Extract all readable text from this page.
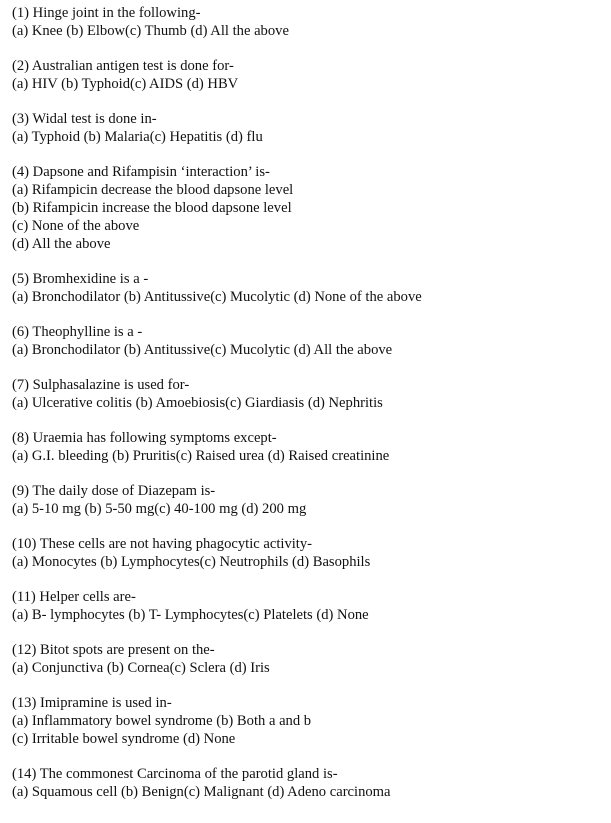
(1) Hinge joint in the following-

(a) Knee (b) Elbow(c) Thumb (d) All the above

(2) Australian antigen test is done for-

(a) HIV (b) Typhoid(c) AIDS (d) HBV

(3) Widal test is done in-

(a) Typhoid (b) Malaria(c) Hepatitis (d) flu

(4) Dapsone and Rifampisin ‘interaction’ is-

(a) Rifampicin decrease the blood dapsone level

(b) Rifampicin increase the blood dapsone level

(c) None of the above

(d) All the above

(5) Bromhexidine is a -

(a) Bronchodilator (b) Antitussive(c) Mucolytic (d) None of the above

(6) Theophylline is a -

(a) Bronchodilator (b) Antitussive(c) Mucolytic (d) All the above

(7) Sulphasalazine is used for-

(a) Ulcerative colitis (b) Amoebiosis(c) Giardiasis (d) Nephritis

(8) Uraemia has following symptoms except-

(a) G.I. bleeding (b) Pruritis(c) Raised urea (d) Raised creatinine

(9) The daily dose of Diazepam is-

(a) 5-10 mg (b) 5-50 mg(c) 40-100 mg (d) 200 mg

(10) These cells are not having phagocytic activity-

(a) Monocytes (b) Lymphocytes(c) Neutrophils (d) Basophils

(11) Helper cells are-

(a) B- lymphocytes (b) T- Lymphocytes(c) Platelets (d) None

(12) Bitot spots are present on the-

(a) Conjunctiva (b) Cornea(c) Sclera (d) Iris

(13) Imipramine is used in-

(a) Inflammatory bowel syndrome (b) Both a and b

(c) Irritable bowel syndrome (d) None

(14) The commonest Carcinoma of the parotid gland is-

(a) Squamous cell (b) Benign(c) Malignant (d) Adeno carcinoma
